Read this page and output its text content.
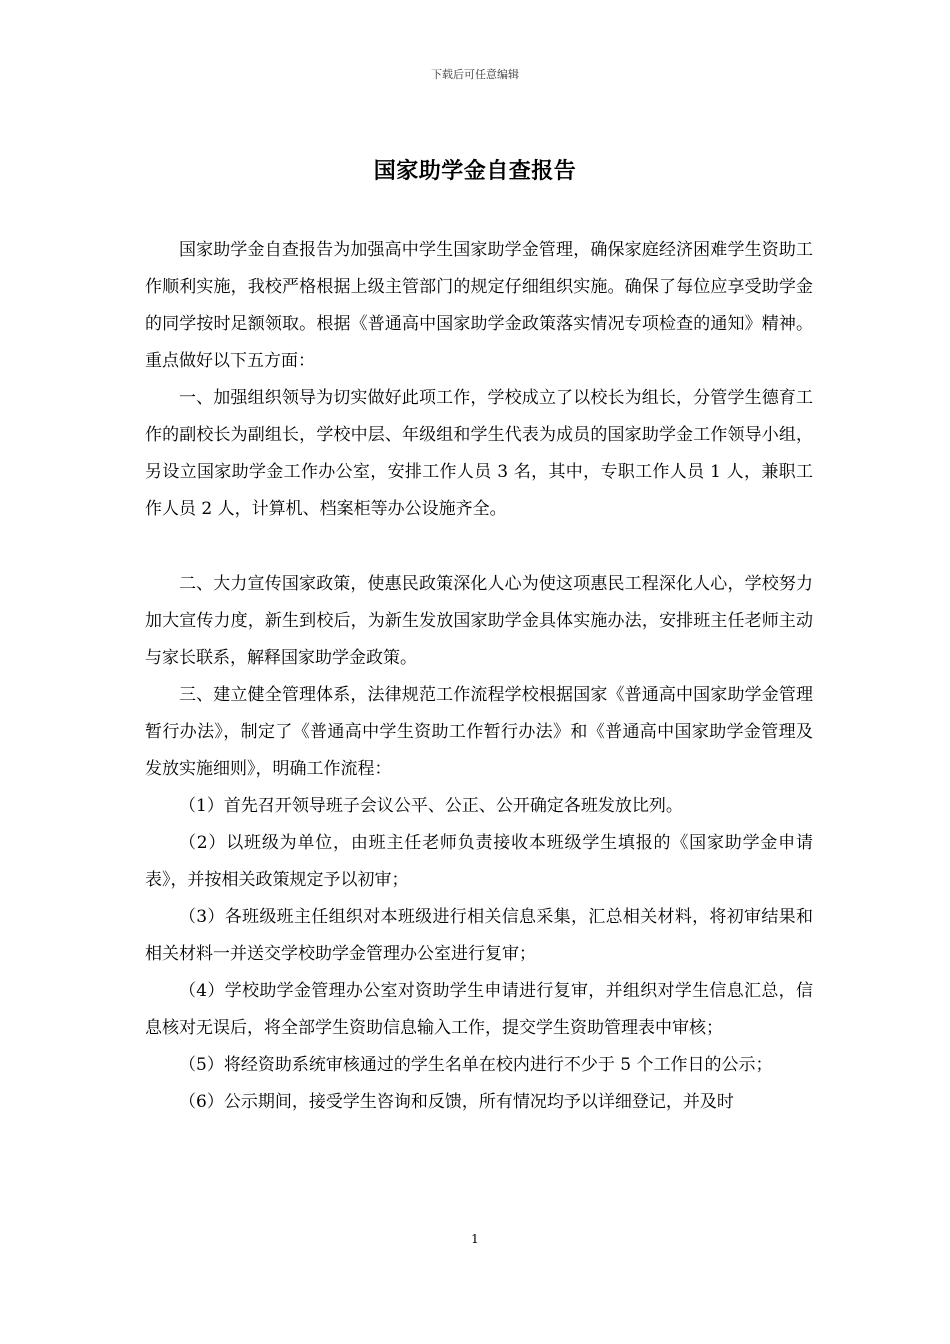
下载后可任意编辑
国家助学金自查报告

国家助学金自查报告为加强高中学生国家助学金管理，确保家庭经济困难学生资助工作顺利实施，我校严格根据上级主管部门的规定仔细组织实施。确保了每位应享受助学金的同学按时足额领取。根据《普通高中国家助学金政策落实情况专项检查的通知》精神。重点做好以下五方面：

一、加强组织领导为切实做好此项工作，学校成立了以校长为组长，分管学生德育工作的副校长为副组长，学校中层、年级组和学生代表为成员的国家助学金工作领导小组，另设立国家助学金工作办公室，安排工作人员 3 名，其中，专职工作人员 1 人，兼职工作人员 2 人，计算机、档案柜等办公设施齐全。

二、大力宣传国家政策，使惠民政策深化人心为使这项惠民工程深化人心，学校努力加大宣传力度，新生到校后，为新生发放国家助学金具体实施办法，安排班主任老师主动与家长联系，解释国家助学金政策。

三、建立健全管理体系，法律规范工作流程学校根据国家《普通高中国家助学金管理暂行办法》，制定了《普通高中学生资助工作暂行办法》和《普通高中国家助学金管理及发放实施细则》，明确工作流程：

（1）首先召开领导班子会议公平、公正、公开确定各班发放比列。

（2）以班级为单位，由班主任老师负责接收本班级学生填报的《国家助学金申请表》，并按相关政策规定予以初审；

（3）各班级班主任组织对本班级进行相关信息采集，汇总相关材料，将初审结果和相关材料一并送交学校助学金管理办公室进行复审；

（4）学校助学金管理办公室对资助学生申请进行复审，并组织对学生信息汇总，信息核对无误后，将全部学生资助信息输入工作，提交学生资助管理表中审核；

（5）将经资助系统审核通过的学生名单在校内进行不少于 5 个工作日的公示；

（6）公示期间，接受学生咨询和反馈，所有情况均予以详细登记，并及时

1
